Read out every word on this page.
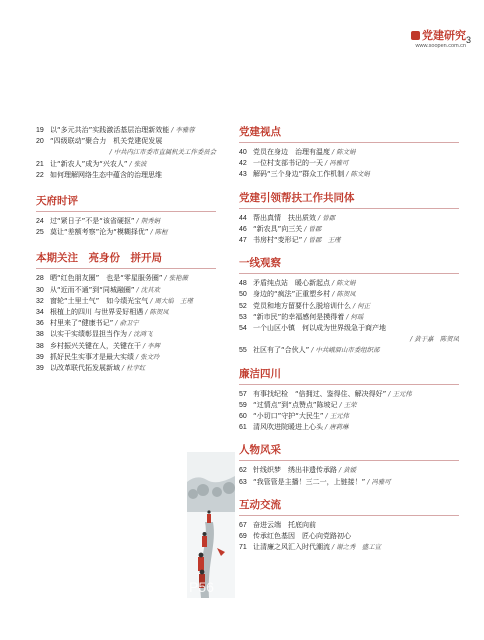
党建研究
www.soopen.com.cn
3
19 以“多元共治”实践激活基层治理新效能 / 李雅蓉
20 “四级联动”聚合力　机关党建促发展
/ 中共内江市委市直属机关工作委员会
21 让“新农人”成为“兴农人” / 张波
22 如何理解网络生态中蕴含的治理思维
天府时评
24 过“紧日子”不是“该省硬抠” / 荆秀娟
25 莫让“差额考察”沦为“模糊择优” / 陈桓
本期关注　亮身份　拼开局
28 晒“红色朋友圈”　也是“零星服务圈” / 张艳薇
30 从“近而不通”到“同城融圈” / 沈其欢
32 窗轮“土里土气”　如今绩光宝气 / 周大焰　王瑾
34 根植上的四川 与世界妥好相遇 / 陈贺凤
36 村里来了“健康书记” / 俞卫宁
38 以实干实绩彰显担当作为 / 沈鸿飞
38 乡村振兴关键在人，关键在干 / 李辉
39 抓好民生实事才是最大实绩 / 张文玲
39 以改革联代拓发展新域 / 杜宇红
党建视点
40 党员在身边　治理有温度 / 陈文娟
42 一位村支部书记的一天 / 冯雅可
43 解码“三个身边”群众工作机制 / 陈文娟
党建引领帮扶工作共同体
44 帮出真情　扶出质效 / 曾郡
46 “新农具”向三关 / 曾郡
47 书房村“变形记” / 曾郡　王瑾
一线观察
48 矛盾纯点站　暖心新起点 / 陈文娟
50 身边的“疯法”正重塑乡村 / 陈贺凤
52 党员和地方留要什么脱培训什么 / 何正
53 “新市民”的幸福感何是摸得着 / 何瑶
54 一个山区小镇　何以成为世界级急于商产地
/ 黄于嘉　陈贺凤
55 社区有了“合伙人” / 中共峨眉山市委组织部
廉洁四川
57 有事找纪检　“倍拥过、鉴得住、解决得好” / 王元伟
59 “过情点”到“点赞点”陈坡记 / 王荣
60 “小切口”守护“大民生” / 王元伟
61 清风吹进院暖进上心头 / 唐莉琳
人物风采
62 针线织梦　绣出非遗传承路 / 黄媛
63 “我管管是主播！三二一，上链接！” / 冯雅可
互动交流
67 奋进云端　托底向前
69 传承红色基因　匠心向党路初心
71 让清廉之风汇入时代潮流 / 谢之秀　盛工宣
P56
